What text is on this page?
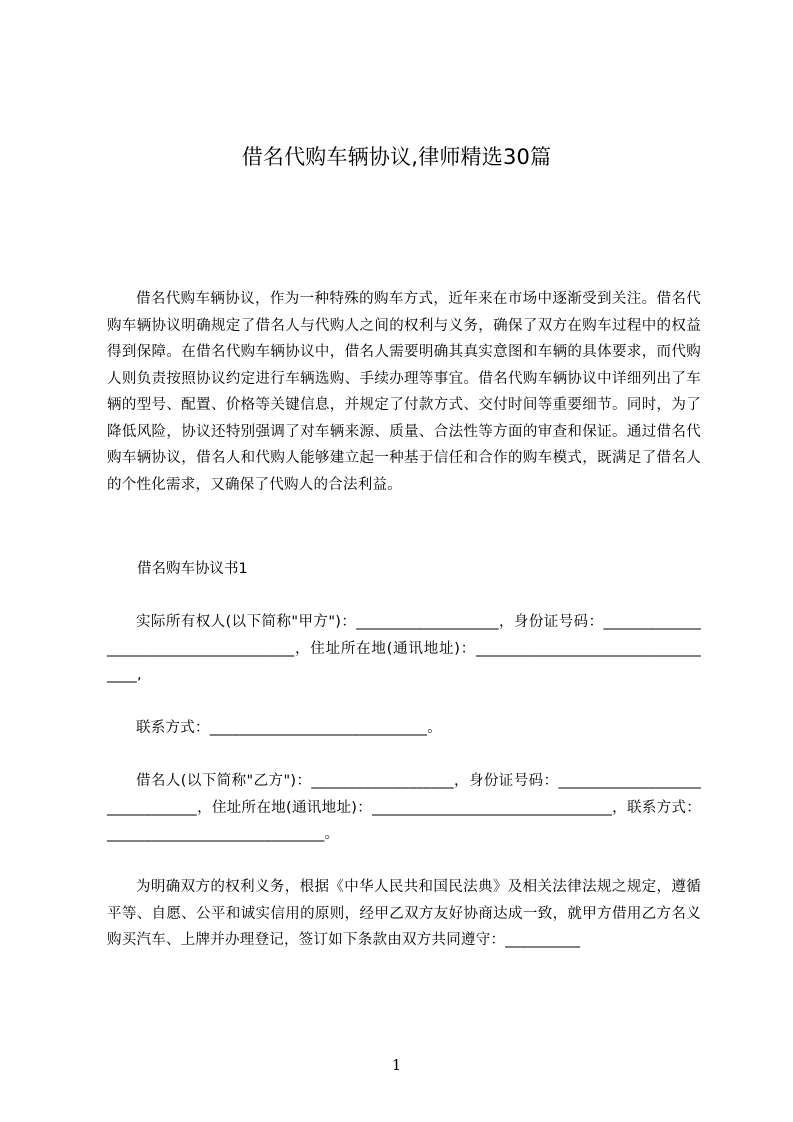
借名代购车辆协议,律师精选30篇

借名代购车辆协议，作为一种特殊的购车方式，近年来在市场中逐渐受到关注。借名代购车辆协议明确规定了借名人与代购人之间的权利与义务，确保了双方在购车过程中的权益得到保障。在借名代购车辆协议中，借名人需要明确其真实意图和车辆的具体要求，而代购人则负责按照协议约定进行车辆选购、手续办理等事宜。借名代购车辆协议中详细列出了车辆的型号、配置、价格等关键信息，并规定了付款方式、交付时间等重要细节。同时，为了降低风险，协议还特别强调了对车辆来源、质量、合法性等方面的审查和保证。通过借名代购车辆协议，借名人和代购人能够建立起一种基于信任和合作的购车模式，既满足了借名人的个性化需求，又确保了代购人的合法利益。

借名购车协议书1

实际所有权人(以下简称"甲方")：___________________，身份证号码：______________________________________，住址所在地(通讯地址)：__________________________________,

联系方式：_____________________________。

借名人(以下简称"乙方")：___________________，身份证号码：_______________________________，住址所在地(通讯地址)：________________________________，联系方式：_____________________________。

为明确双方的权利义务，根据《中华人民共和国民法典》及相关法律法规之规定，遵循平等、自愿、公平和诚实信用的原则，经甲乙双方友好协商达成一致，就甲方借用乙方名义购买汽车、上牌并办理登记，签订如下条款由双方共同遵守：__________

1
